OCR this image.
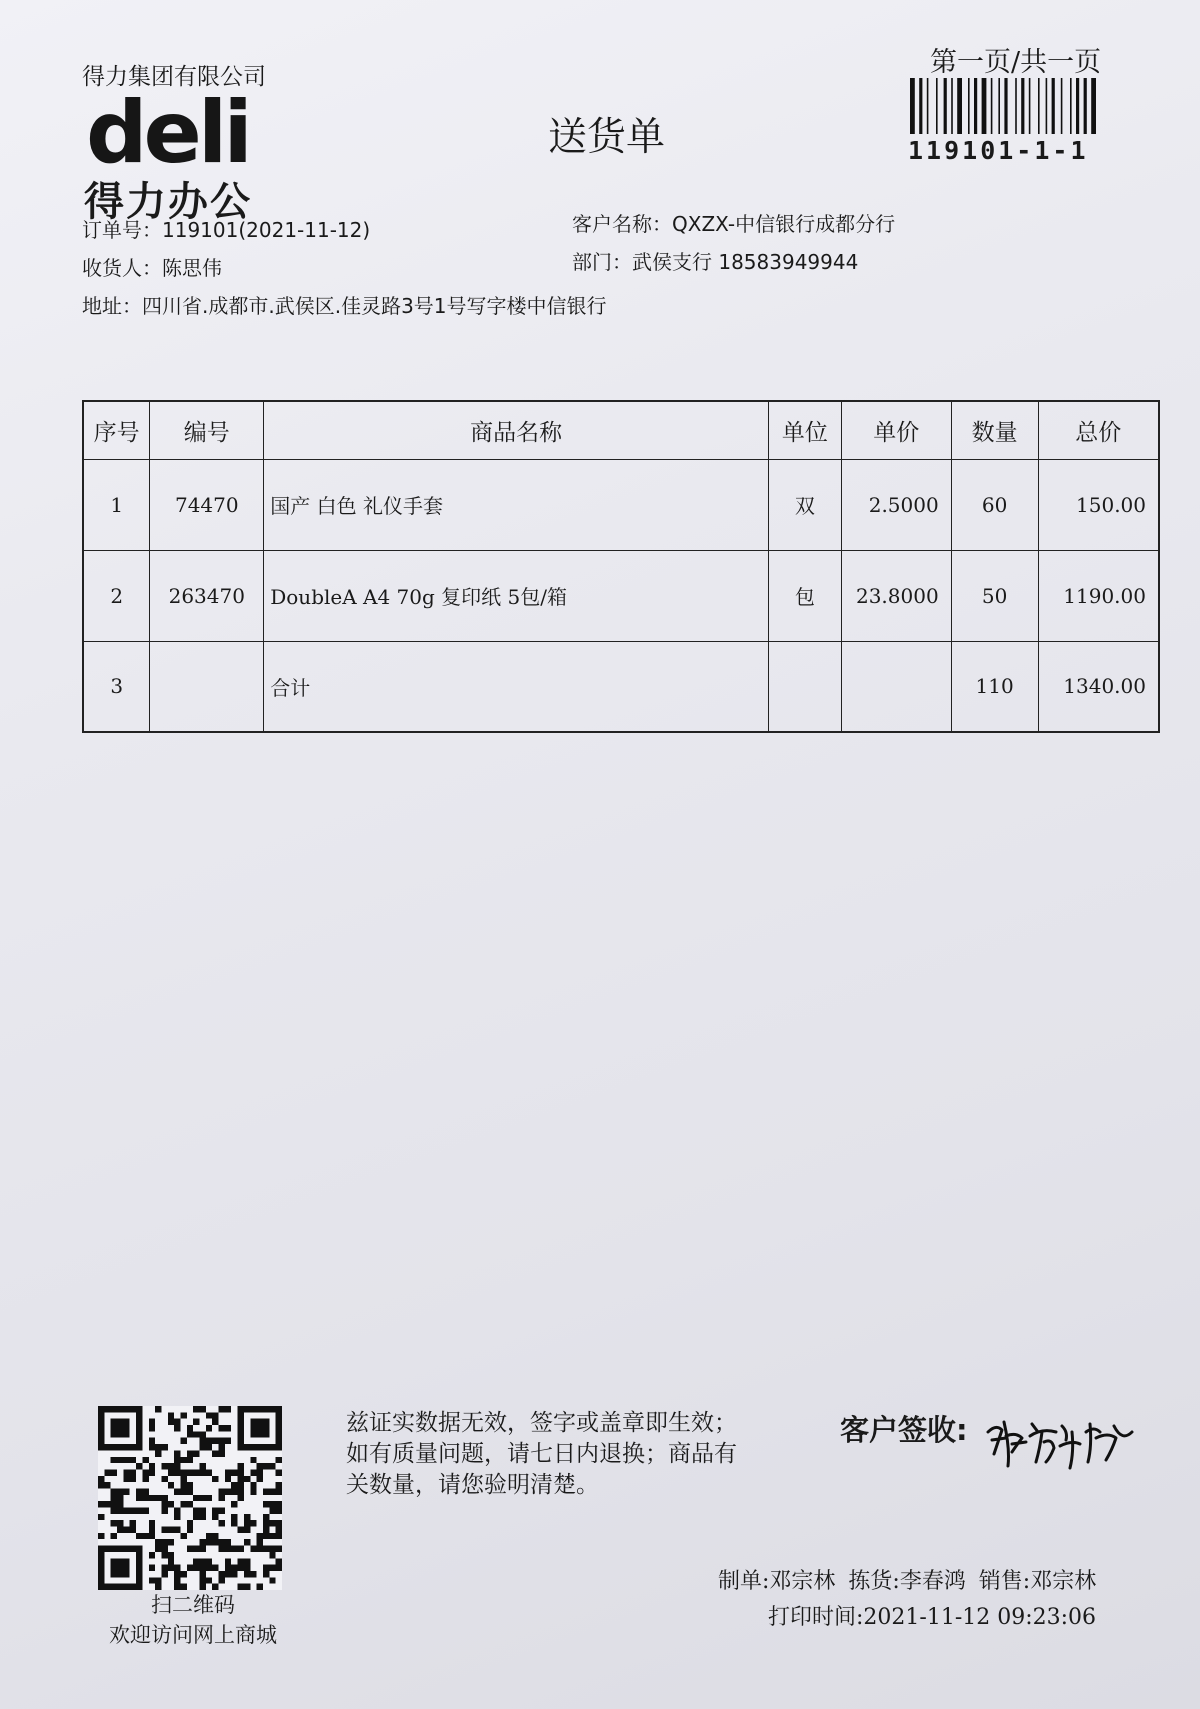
得力集团有限公司
deli
得力办公
送货单
第一页/共一页
119101-1-1
订单号：119101(2021-11-12)
收货人：陈思伟
地址：四川省.成都市.武侯区.佳灵路3号1号写字楼中信银行
客户名称：QXZX-中信银行成都分行
部门：武侯支行 18583949944
序号	编号	商品名称	单位	单价	数量	总价
1	74470	国产 白色 礼仪手套	双	2.5000	60	150.00
2	263470	DoubleA A4 70g 复印纸 5包/箱	包	23.8000	50	1190.00
3		合计			110	1340.00
扫二维码
欢迎访问网上商城
兹证实数据无效，签字或盖章即生效；如有质量问题，请七日内退换；商品有关数量，请您验明清楚。
客户签收:
制单:邓宗林 拣货:李春鸿 销售:邓宗林
打印时间:2021-11-12 09:23:06
